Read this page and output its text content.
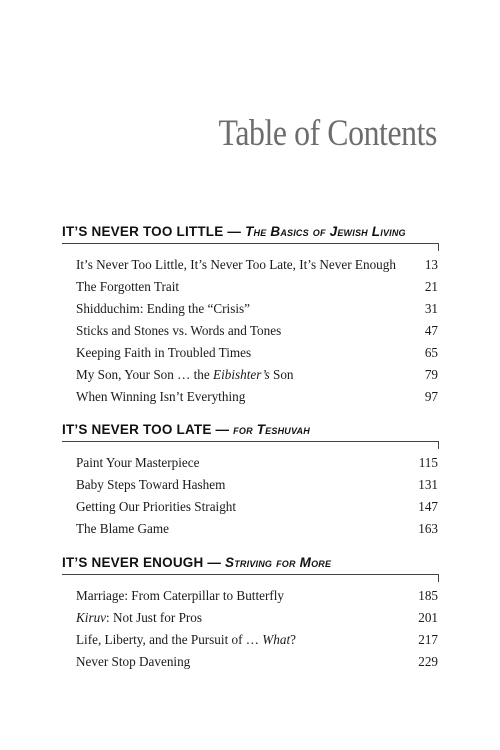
Table of Contents
IT’S NEVER TOO LITTLE — The Basics of Jewish Living
It’s Never Too Little, It’s Never Too Late, It’s Never Enough	13
The Forgotten Trait	21
Shidduchim: Ending the “Crisis”	31
Sticks and Stones vs. Words and Tones	47
Keeping Faith in Troubled Times	65
My Son, Your Son … the Eibishter’s Son	79
When Winning Isn’t Everything	97
IT’S NEVER TOO LATE — for Teshuvah
Paint Your Masterpiece	115
Baby Steps Toward Hashem	131
Getting Our Priorities Straight	147
The Blame Game	163
IT’S NEVER ENOUGH — Striving for More
Marriage: From Caterpillar to Butterfly	185
Kiruv: Not Just for Pros	201
Life, Liberty, and the Pursuit of … What?	217
Never Stop Davening	229
